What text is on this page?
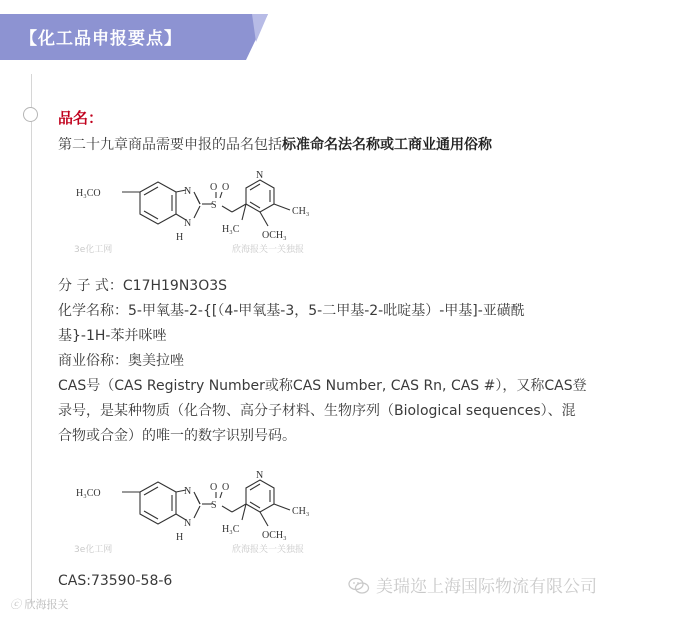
【化工品申报要点】
品名：
第二十九章商品需要申报的品名包括标准命名法名称或工商业通用俗称
H₃CO	N
N
H
S
O O
N
CH₃
H₃C
OCH₃
3e化工网	欣海报关一关独报
分 子 式：C17H19N3O3S
化学名称：5-甲氧基-2-{[（4-甲氧基-3，5-二甲基-2-吡啶基）-甲基]-亚磺酰
基}-1H-苯并咪唑
商业俗称：奥美拉唑
CAS号（CAS Registry Number或称CAS Number, CAS Rn, CAS #），又称CAS登
录号，是某种物质（化合物、高分子材料、生物序列（Biological sequences）、混
合物或合金）的唯一的数字识别号码。
H₃CO	N
N
H
S
O O
N
CH₃
H₃C
OCH₃
3e化工网	欣海报关一关独报
CAS:73590-58-6	美瑞迩上海国际物流有限公司
ⓒ 欣海报关
